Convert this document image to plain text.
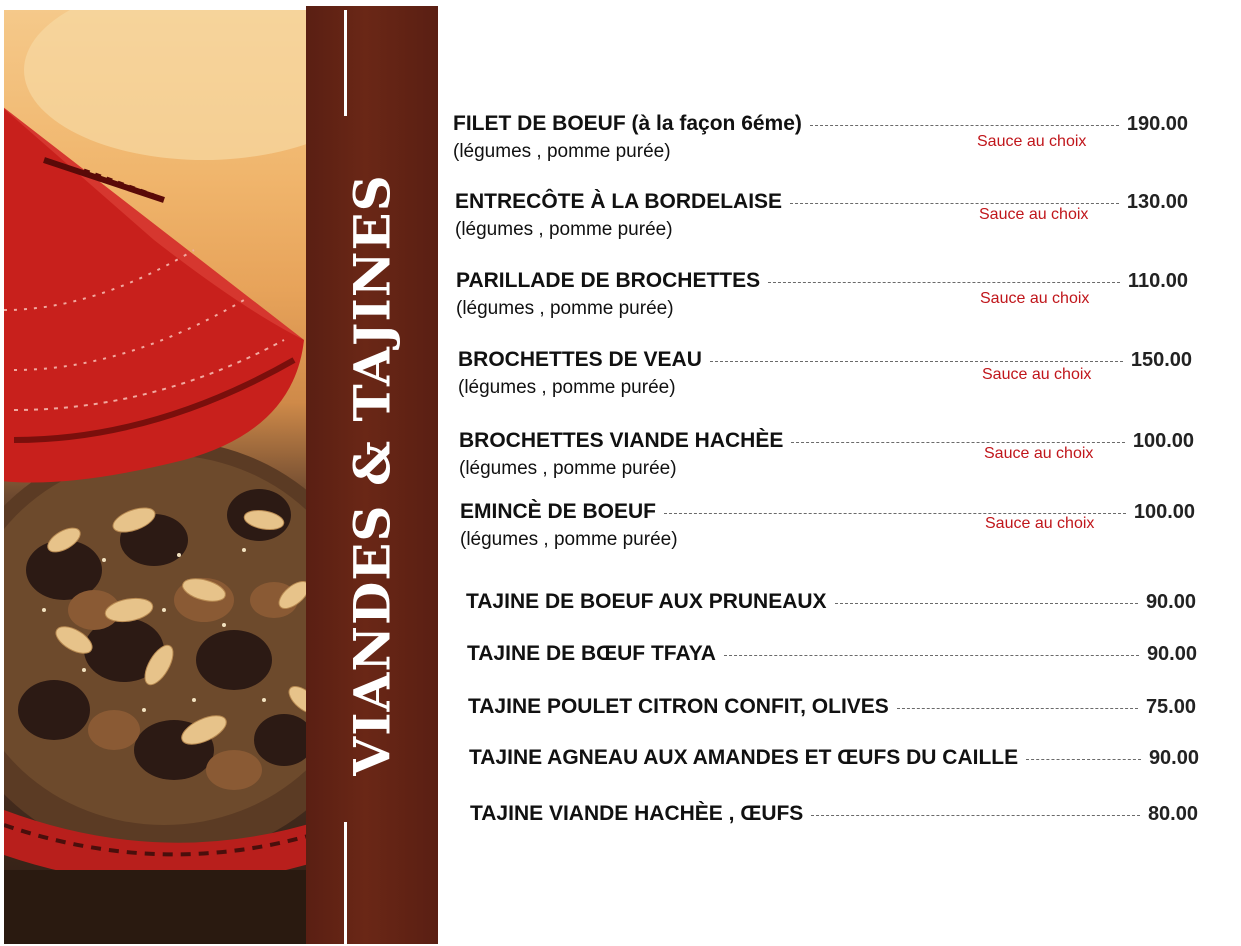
VIANDES & TAJINES
FILET DE BOEUF (à la façon 6éme)	190.00
(légumes , pomme purée)	Sauce au choix
ENTRECÔTE À LA BORDELAISE	130.00
(légumes , pomme purée)
Sauce au choix
PARILLADE DE BROCHETTES	110.00
(légumes , pomme purée)	Sauce au choix
BROCHETTES DE VEAU	150.00
(légumes , pomme purée)
Sauce au choix
BROCHETTES VIANDE HACHÈE	100.00
(légumes , pomme purée)
Sauce au choix
EMINCÈ DE BOEUF	100.00
(légumes , pomme purée)
Sauce au choix
TAJINE DE BOEUF AUX PRUNEAUX	90.00
TAJINE DE BŒUF TFAYA	90.00
TAJINE POULET CITRON CONFIT, OLIVES	75.00
TAJINE AGNEAU AUX AMANDES ET ŒUFS DU CAILLE	90.00
TAJINE VIANDE HACHÈE , ŒUFS	80.00
